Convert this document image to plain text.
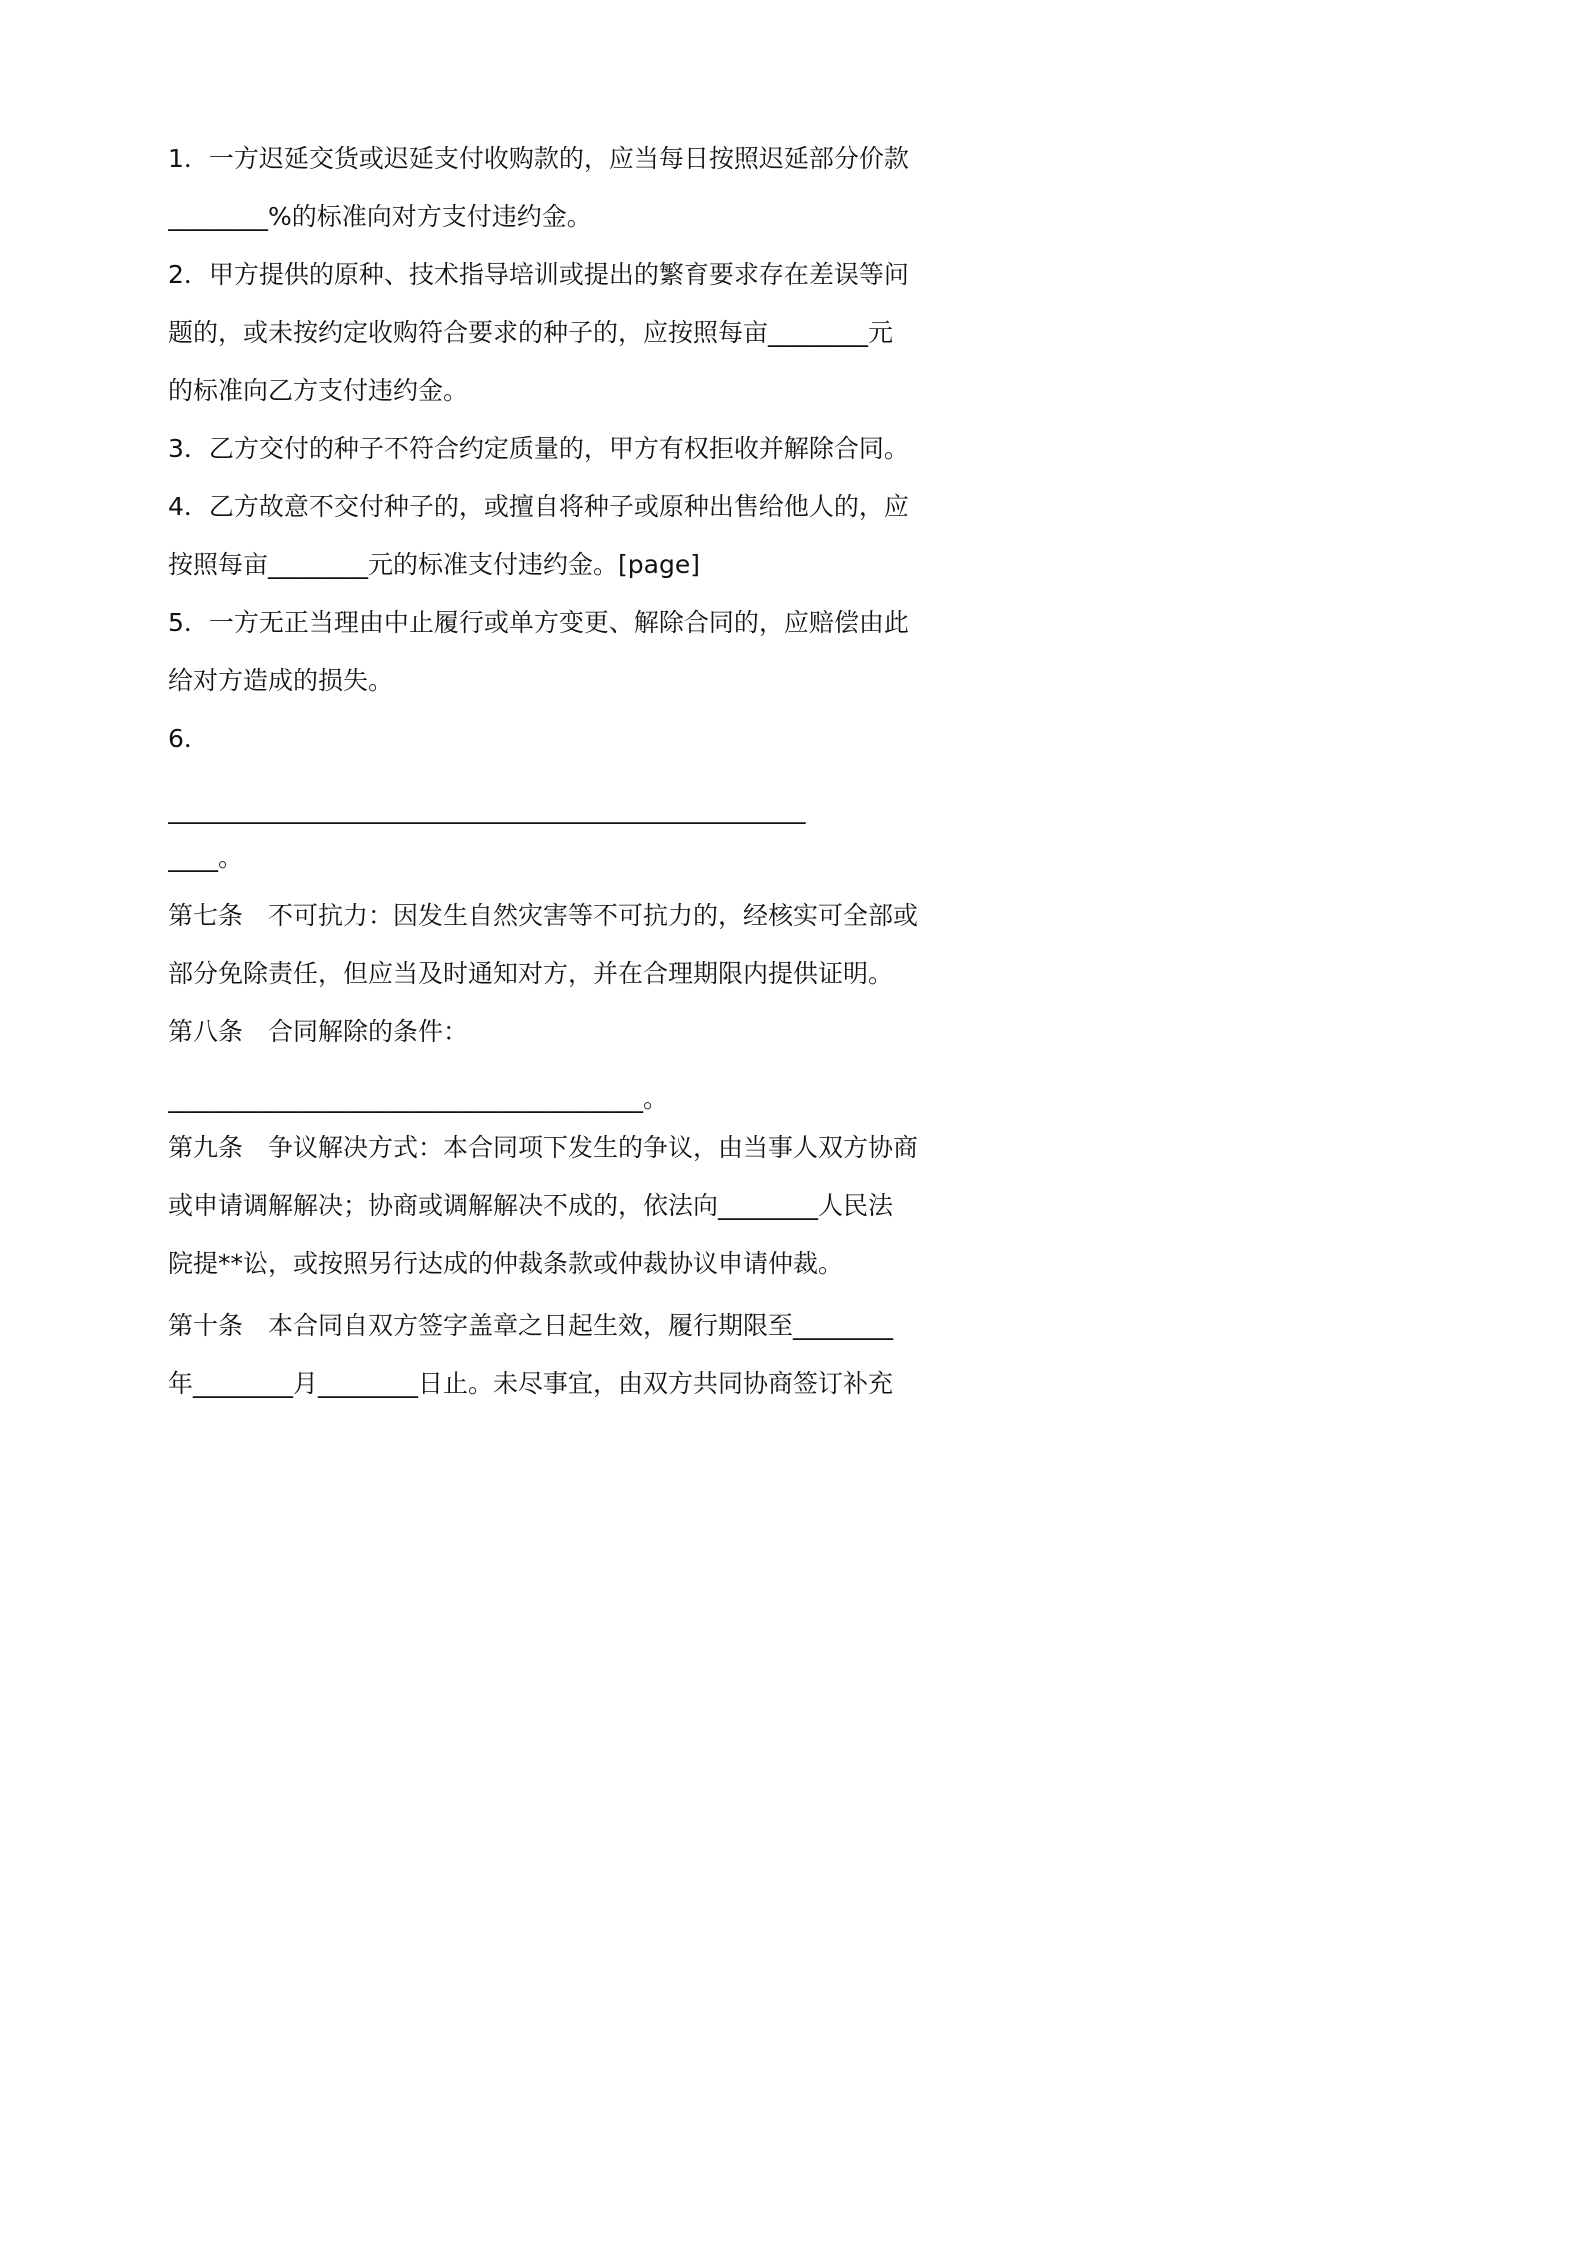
1．一方迟延交货或迟延支付收购款的，应当每日按照迟延部分价款
________%的标准向对方支付违约金。
2．甲方提供的原种、技术指导培训或提出的繁育要求存在差误等问
题的，或未按约定收购符合要求的种子的，应按照每亩________元
的标准向乙方支付违约金。
3．乙方交付的种子不符合约定质量的，甲方有权拒收并解除合同。
4．乙方故意不交付种子的，或擅自将种子或原种出售给他人的，应
按照每亩________元的标准支付违约金。[page]
5．一方无正当理由中止履行或单方变更、解除合同的，应赔偿由此
给对方造成的损失。
6．
___________________________________________________
____。
第七条　不可抗力：因发生自然灾害等不可抗力的，经核实可全部或
部分免除责任，但应当及时通知对方，并在合理期限内提供证明。
第八条　合同解除的条件：
______________________________________。
第九条　争议解决方式：本合同项下发生的争议，由当事人双方协商
或申请调解解决；协商或调解解决不成的，依法向________人民法
院提**讼，或按照另行达成的仲裁条款或仲裁协议申请仲裁。
第十条　本合同自双方签字盖章之日起生效，履行期限至________
年________月________日止。未尽事宜，由双方共同协商签订补充
